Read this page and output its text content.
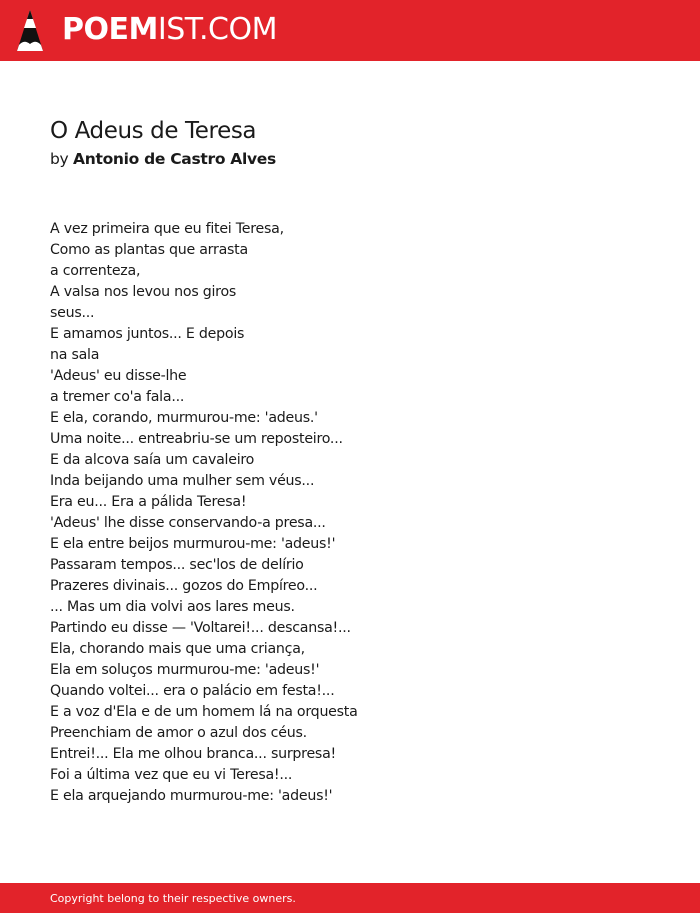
POEMIST.COM
O Adeus de Teresa
by Antonio de Castro Alves
A vez primeira que eu fitei Teresa,
Como as plantas que arrasta
a correnteza,
A valsa nos levou nos giros
seus...
E amamos juntos... E depois
na sala
'Adeus' eu disse-lhe
a tremer co'a fala...
E ela, corando, murmurou-me: 'adeus.'
Uma noite... entreabriu-se um reposteiro...
E da alcova saía um cavaleiro
Inda beijando uma mulher sem véus...
Era eu... Era a pálida Teresa!
'Adeus' lhe disse conservando-a presa...
E ela entre beijos murmurou-me: 'adeus!'
Passaram tempos... sec'los de delírio
Prazeres divinais... gozos do Empíreo...
... Mas um dia volvi aos lares meus.
Partindo eu disse — 'Voltarei!... descansa!...
Ela, chorando mais que uma criança,
Ela em soluços murmurou-me: 'adeus!'
Quando voltei... era o palácio em festa!...
E a voz d'Ela e de um homem lá na orquesta
Preenchiam de amor o azul dos céus.
Entrei!... Ela me olhou branca... surpresa!
Foi a última vez que eu vi Teresa!...
E ela arquejando murmurou-me: 'adeus!'
Copyright belong to their respective owners.
